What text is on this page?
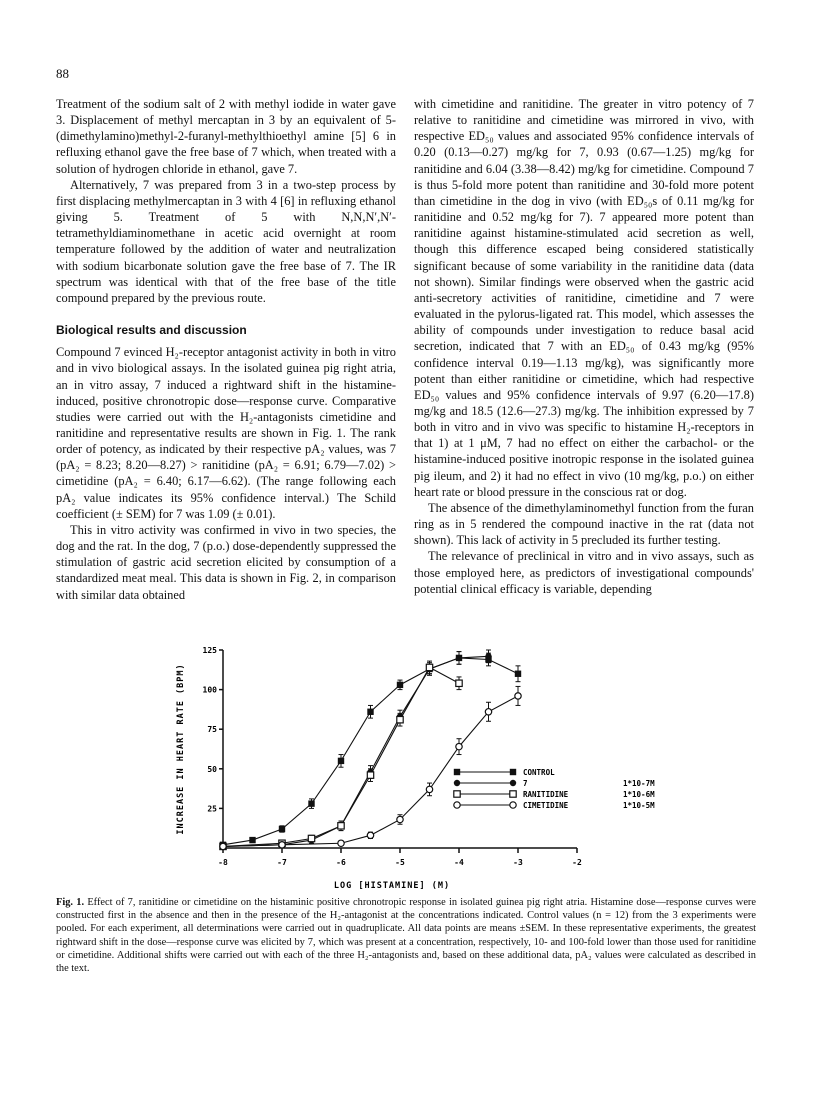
88

Treatment of the sodium salt of 2 with methyl iodide in water gave 3. Displacement of methyl mercaptan in 3 by an equivalent of 5-(dimethylamino)methyl-2-furanyl-methylthioethyl amine [5] 6 in refluxing ethanol gave the free base of 7 which, when treated with a solution of hydrogen chloride in ethanol, gave 7.

Alternatively, 7 was prepared from 3 in a two-step process by first displacing methylmercaptan in 3 with 4 [6] in refluxing ethanol giving 5. Treatment of 5 with N,N,N′,N′-tetramethyldiaminomethane in acetic acid overnight at room temperature followed by the addition of water and neutralization with sodium bicarbonate solution gave the free base of 7. The IR spectrum was identical with that of the free base of the title compound prepared by the previous route.

Biological results and discussion

Compound 7 evinced H₂-receptor antagonist activity in both in vitro and in vivo biological assays. In the isolated guinea pig right atria, an in vitro assay, 7 induced a rightward shift in the histamine-induced, positive chronotropic dose—response curve. Comparative studies were carried out with the H₂-antagonists cimetidine and ranitidine and representative results are shown in Fig. 1. The rank order of potency, as indicated by their respective pA₂ values, was 7 (pA₂ = 8.23; 8.20—8.27) > ranitidine (pA₂ = 6.91; 6.79—7.02) > cimetidine (pA₂ = 6.40; 6.17—6.62). (The range following each pA₂ value indicates its 95% confidence interval.) The Schild coefficient (± SEM) for 7 was 1.09 (± 0.01).

This in vitro activity was confirmed in vivo in two species, the dog and the rat. In the dog, 7 (p.o.) dose-dependently suppressed the stimulation of gastric acid secretion elicited by consumption of a standardized meat meal. This data is shown in Fig. 2, in comparison with similar data obtained

with cimetidine and ranitidine. The greater in vitro potency of 7 relative to ranitidine and cimetidine was mirrored in vivo, with respective ED₅₀ values and associated 95% confidence intervals of 0.20 (0.13—0.27) mg/kg for 7, 0.93 (0.67—1.25) mg/kg for ranitidine and 6.04 (3.38—8.42) mg/kg for cimetidine. Compound 7 is thus 5-fold more potent than ranitidine and 30-fold more potent than cimetidine in the dog in vivo (with ED₅₀s of 0.11 mg/kg for ranitidine and 0.52 mg/kg for 7). 7 appeared more potent than ranitidine against histamine-stimulated acid secretion as well, though this difference escaped being considered statistically significant because of some variability in the ranitidine data (data not shown). Similar findings were observed when the gastric acid anti-secretory activities of ranitidine, cimetidine and 7 were evaluated in the pylorus-ligated rat. This model, which assesses the ability of compounds under investigation to reduce basal acid secretion, indicated that 7 with an ED₅₀ of 0.43 mg/kg (95% confidence interval 0.19—1.13 mg/kg), was significantly more potent than either ranitidine or cimetidine, which had respective ED₅₀ values and 95% confidence intervals of 9.97 (6.20—17.8) mg/kg and 18.5 (12.6—27.3) mg/kg. The inhibition expressed by 7 both in vitro and in vivo was specific to histamine H₂-receptors in that 1) at 1 μM, 7 had no effect on either the carbachol- or the histamine-induced positive inotropic response in the isolated guinea pig ileum, and 2) it had no effect in vivo (10 mg/kg, p.o.) on either heart rate or blood pressure in the conscious rat or dog.

The absence of the dimethylaminomethyl function from the furan ring as in 5 rendered the compound inactive in the rat (data not shown). This lack of activity in 5 precluded its further testing.

The relevance of preclinical in vitro and in vivo assays, such as those employed here, as predictors of investigational compounds' potential clinical efficacy is variable, depending

25
50
75
100
125
-8	-7	-6	-5	-4	-3	-2
LOG [HISTAMINE] (M)
INCREASE IN HEART RATE (BPM)	CONTROL
7	1*10-7M
RANITIDINE	1*10-6M
CIMETIDINE	1*10-5M
Fig. 1. Effect of 7, ranitidine or cimetidine on the histaminic positive chronotropic response in isolated guinea pig right atria. Histamine dose—response curves were constructed first in the absence and then in the presence of the H₂-antagonist at the concentrations indicated. Control values (n = 12) from the 3 experiments were pooled. For each experiment, all determinations were carried out in quadruplicate. All data points are means ±SEM. In these representative experiments, the greatest rightward shift in the dose—response curve was elicited by 7, which was present at a concentration, respectively, 10- and 100-fold lower than those used for ranitidine or cimetidine. Additional shifts were carried out with each of the three H₂-antagonists and, based on these additional data, pA₂ values were calculated as described in the text.
